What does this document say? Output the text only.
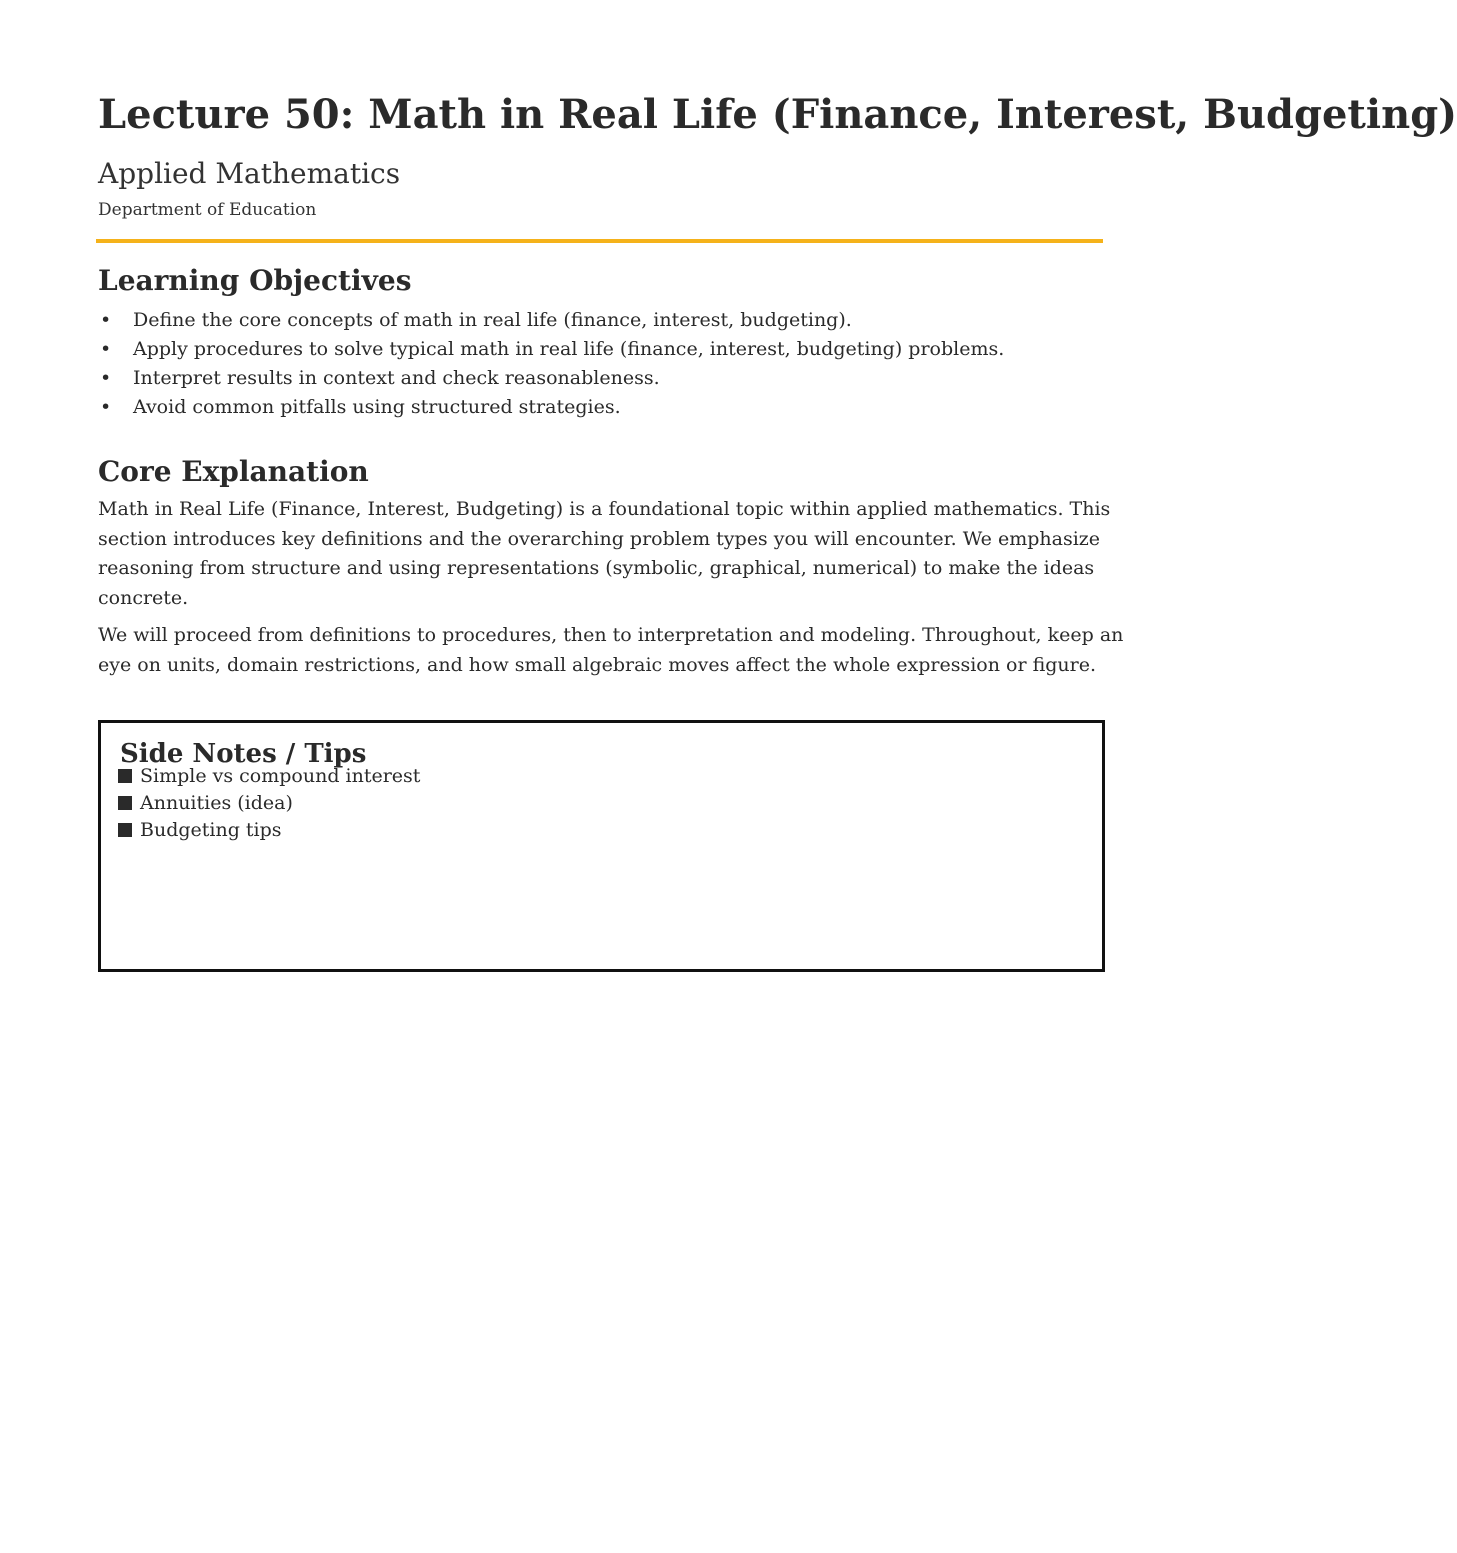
Lecture 50: Math in Real Life (Finance, Interest, Budgeting)
Applied Mathematics

Department of Education

Learning Objectives
• Define the core concepts of math in real life (finance, interest, budgeting).
• Apply procedures to solve typical math in real life (finance, interest, budgeting) problems.
• Interpret results in context and check reasonableness.
• Avoid common pitfalls using structured strategies.
Core Explanation

Math in Real Life (Finance, Interest, Budgeting) is a foundational topic within applied mathematics. This section introduces key definitions and the overarching problem types you will encounter. We emphasize reasoning from structure and using representations (symbolic, graphical, numerical) to make the ideas concrete.

We will proceed from definitions to procedures, then to interpretation and modeling. Throughout, keep an eye on units, domain restrictions, and how small algebraic moves affect the whole expression or figure.

Side Notes / Tips
Simple vs compound interest
Annuities (idea)
Budgeting tips
